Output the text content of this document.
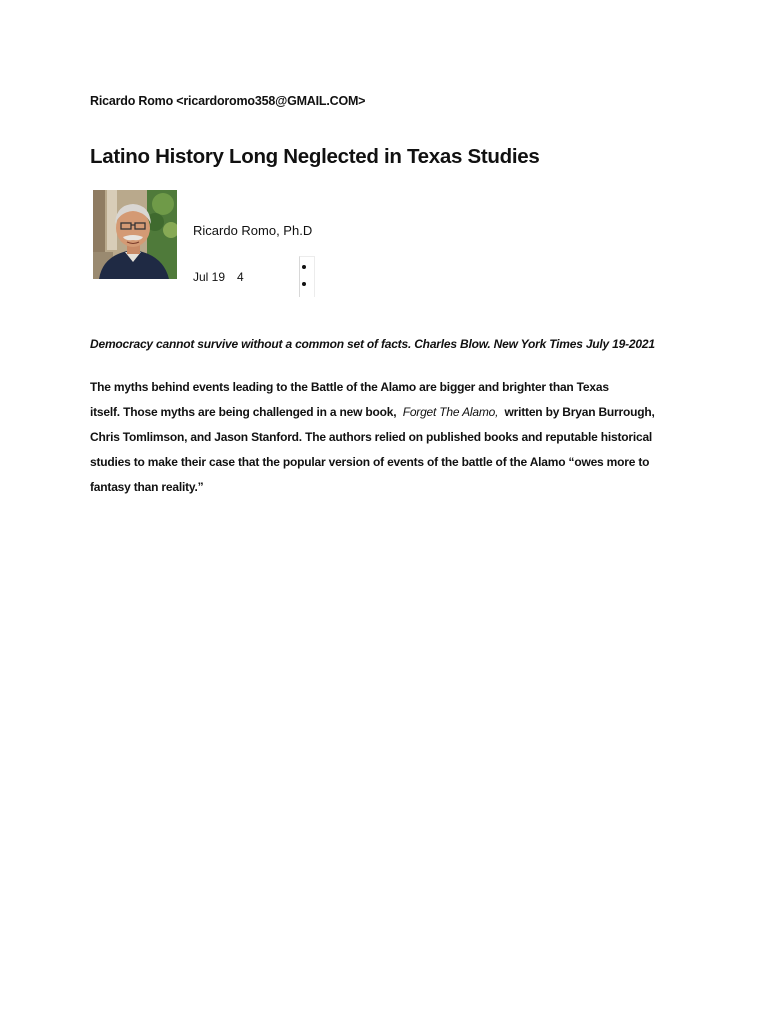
Ricardo Romo <ricardoromo358@GMAIL.COM>
Latino History Long Neglected in Texas Studies
Ricardo Romo, Ph.D
Jul 19 4

Democracy cannot survive without a common set of facts. Charles Blow. New York Times July 19-2021

The myths behind events leading to the Battle of the Alamo are bigger and brighter than Texas
itself. Those myths are being challenged in a new book, Forget The Alamo, written by Bryan Burrough,
Chris Tomlimson, and Jason Stanford. The authors relied on published books and reputable historical
studies to make their case that the popular version of events of the battle of the Alamo “owes more to
fantasy than reality.”
